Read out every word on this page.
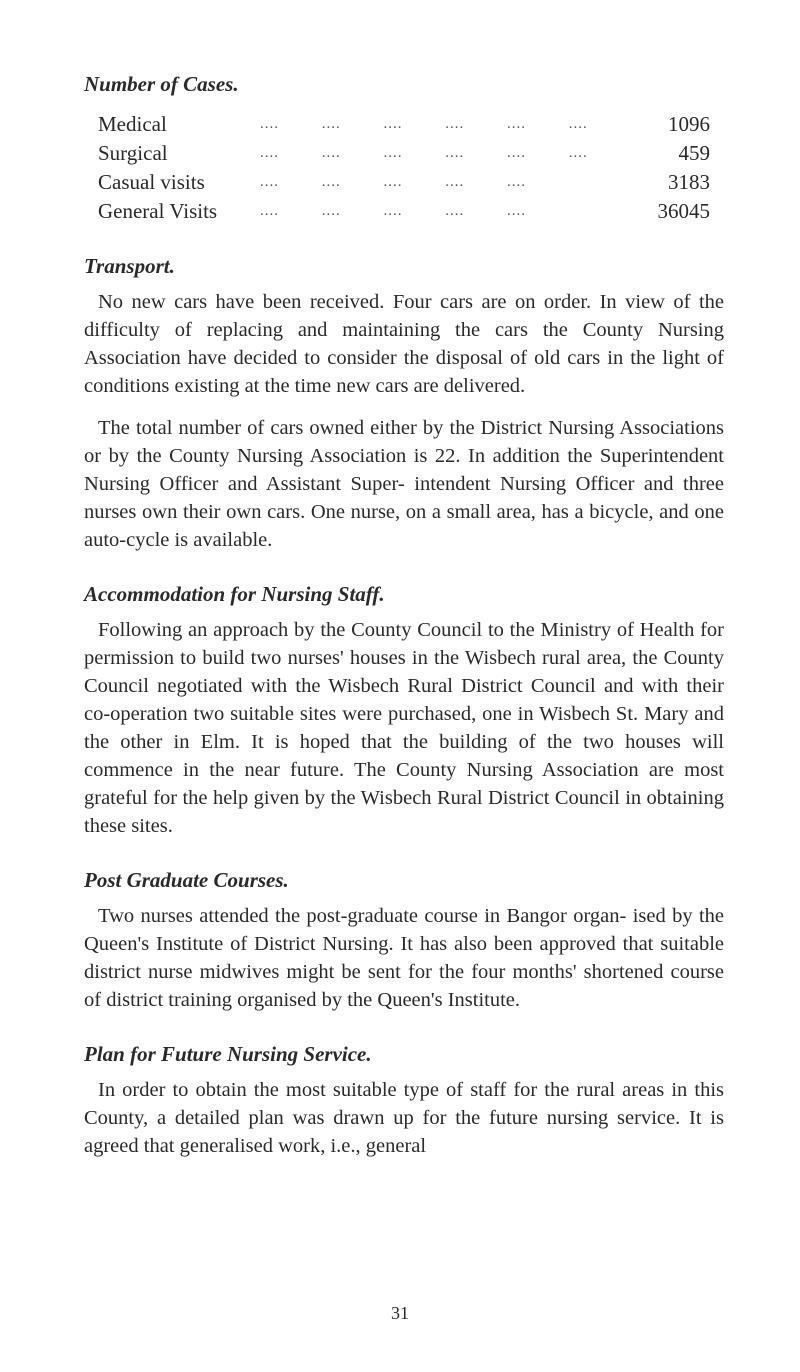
Number of Cases.
Medical	.... .... .... .... .... ....	1096
Surgical	.... .... .... .... .... ....	459
Casual visits	.... .... .... .... ....	3183
General Visits	.... .... .... .... ....	36045
Transport.

No new cars have been received. Four cars are on order. In view of the difficulty of replacing and maintaining the cars the County Nursing Association have decided to consider the disposal of old cars in the light of conditions existing at the time new cars are delivered.

The total number of cars owned either by the District Nursing Associations or by the County Nursing Association is 22. In addition the Superintendent Nursing Officer and Assistant Super- intendent Nursing Officer and three nurses own their own cars. One nurse, on a small area, has a bicycle, and one auto-cycle is available.

Accommodation for Nursing Staff.

Following an approach by the County Council to the Ministry of Health for permission to build two nurses' houses in the Wisbech rural area, the County Council negotiated with the Wisbech Rural District Council and with their co-operation two suitable sites were purchased, one in Wisbech St. Mary and the other in Elm. It is hoped that the building of the two houses will commence in the near future. The County Nursing Association are most grateful for the help given by the Wisbech Rural District Council in obtaining these sites.

Post Graduate Courses.

Two nurses attended the post-graduate course in Bangor organ- ised by the Queen's Institute of District Nursing. It has also been approved that suitable district nurse midwives might be sent for the four months' shortened course of district training organised by the Queen's Institute.

Plan for Future Nursing Service.

In order to obtain the most suitable type of staff for the rural areas in this County, a detailed plan was drawn up for the future nursing service. It is agreed that generalised work, i.e., general

31
